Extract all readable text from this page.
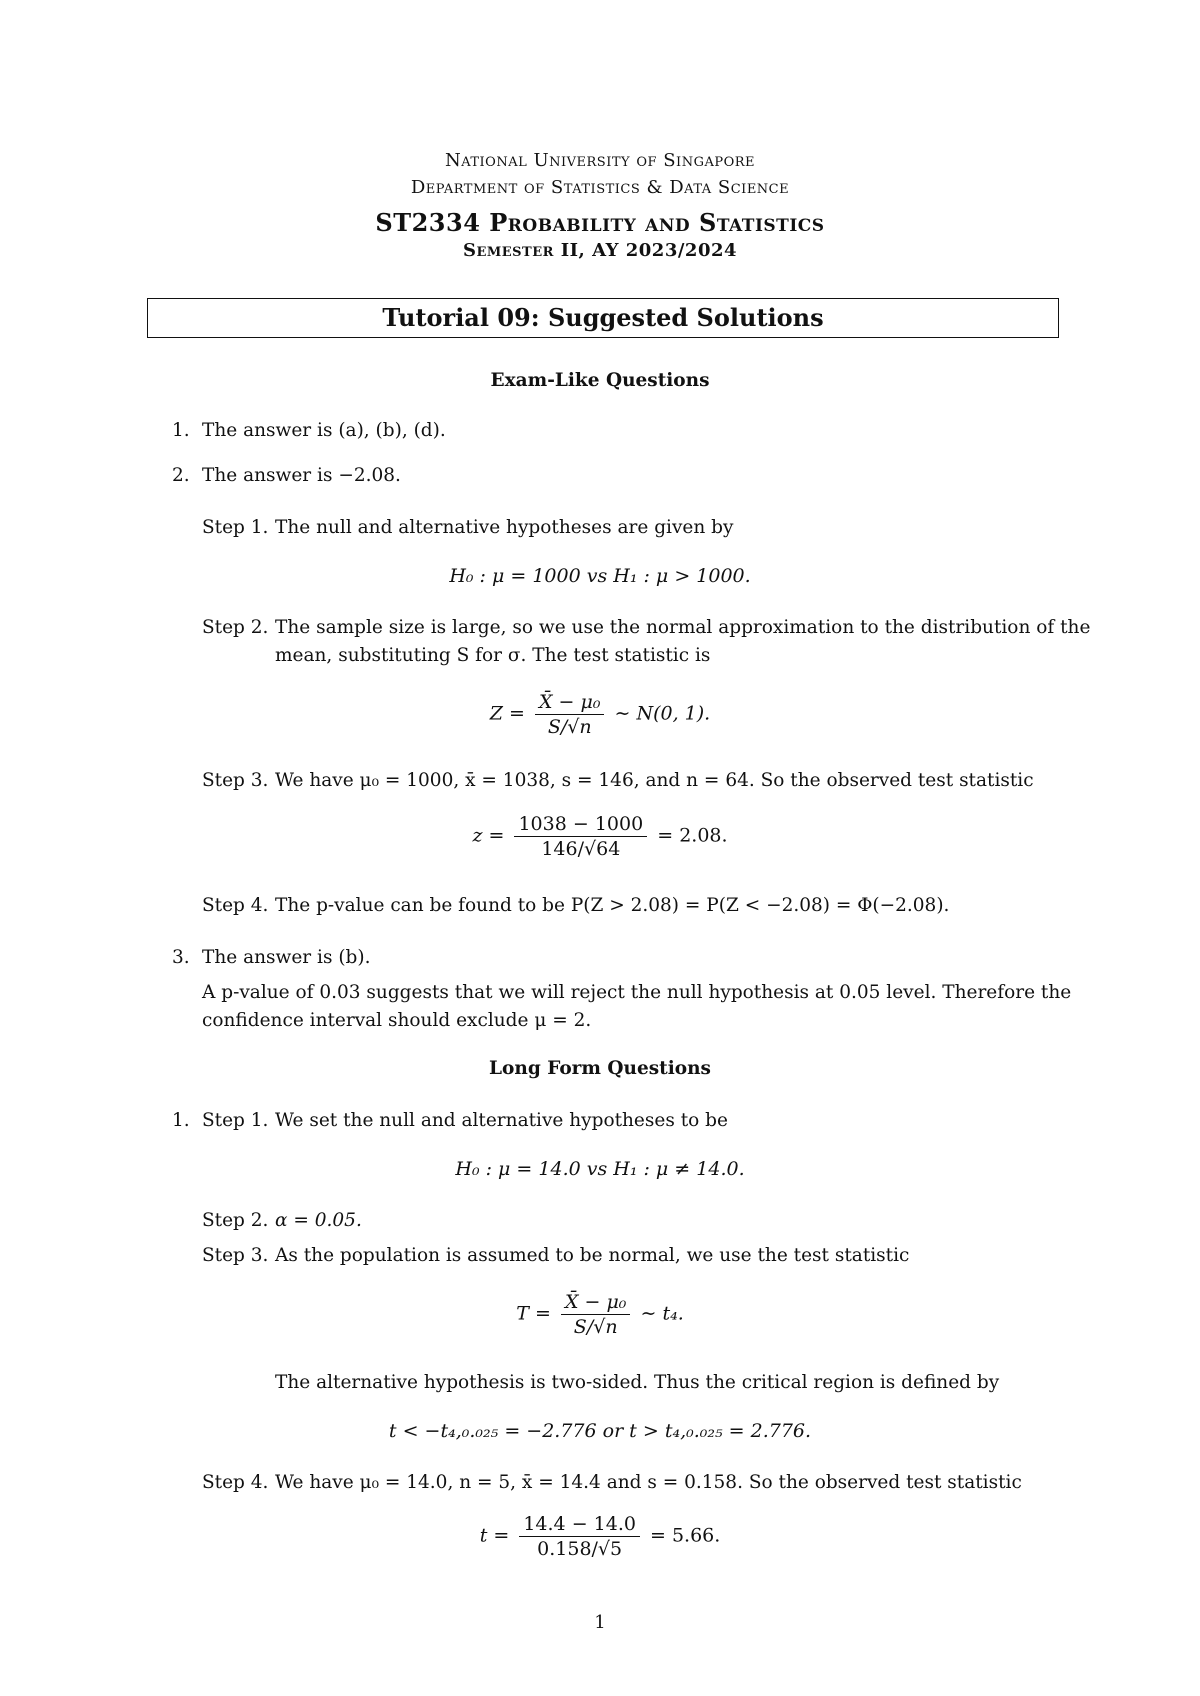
National University of Singapore
Department of Statistics & Data Science
ST2334 Probability and Statistics
Semester II, AY 2023/2024
Tutorial 09: Suggested Solutions
Exam-Like Questions
1. The answer is (a), (b), (d).
2. The answer is −2.08.
Step 1. The null and alternative hypotheses are given by
H₀ : μ = 1000 vs H₁ : μ > 1000.
Step 2. The sample size is large, so we use the normal approximation to the distribution of the
mean, substituting S for σ. The test statistic is
$Z = \frac{\text{X̄ − μ₀}}{S/√n}$ ∼ N(0, 1).
Step 3. We have μ₀ = 1000, x̄ = 1038, s = 146, and n = 64. So the observed test statistic
$z = \frac{1038 - 1000}{146/√64} = 2.08$.
Step 4. The p-value can be found to be P(Z > 2.08) = P(Z < −2.08) = Φ(−2.08).
3. The answer is (b).
A p-value of 0.03 suggests that we will reject the null hypothesis at 0.05 level. Therefore the
confidence interval should exclude μ = 2.
Long Form Questions
1. Step 1. We set the null and alternative hypotheses to be
H₀ : μ = 14.0 vs H₁ : μ ≠ 14.0.
Step 2. α = 0.05.
Step 3. As the population is assumed to be normal, we use the test statistic
$T = \frac{\text{X̄ − μ₀}}{S/√n}$ ∼ t₄.
The alternative hypothesis is two-sided. Thus the critical region is defined by
t < −t₄,₀.₀₂₅ = −2.776 or t > t₄,₀.₀₂₅ = 2.776.
Step 4. We have μ₀ = 14.0, n = 5, x̄ = 14.4 and s = 0.158. So the observed test statistic
$t = \frac{14.4 - 14.0}{0.158/√5} = 5.66$.
1
